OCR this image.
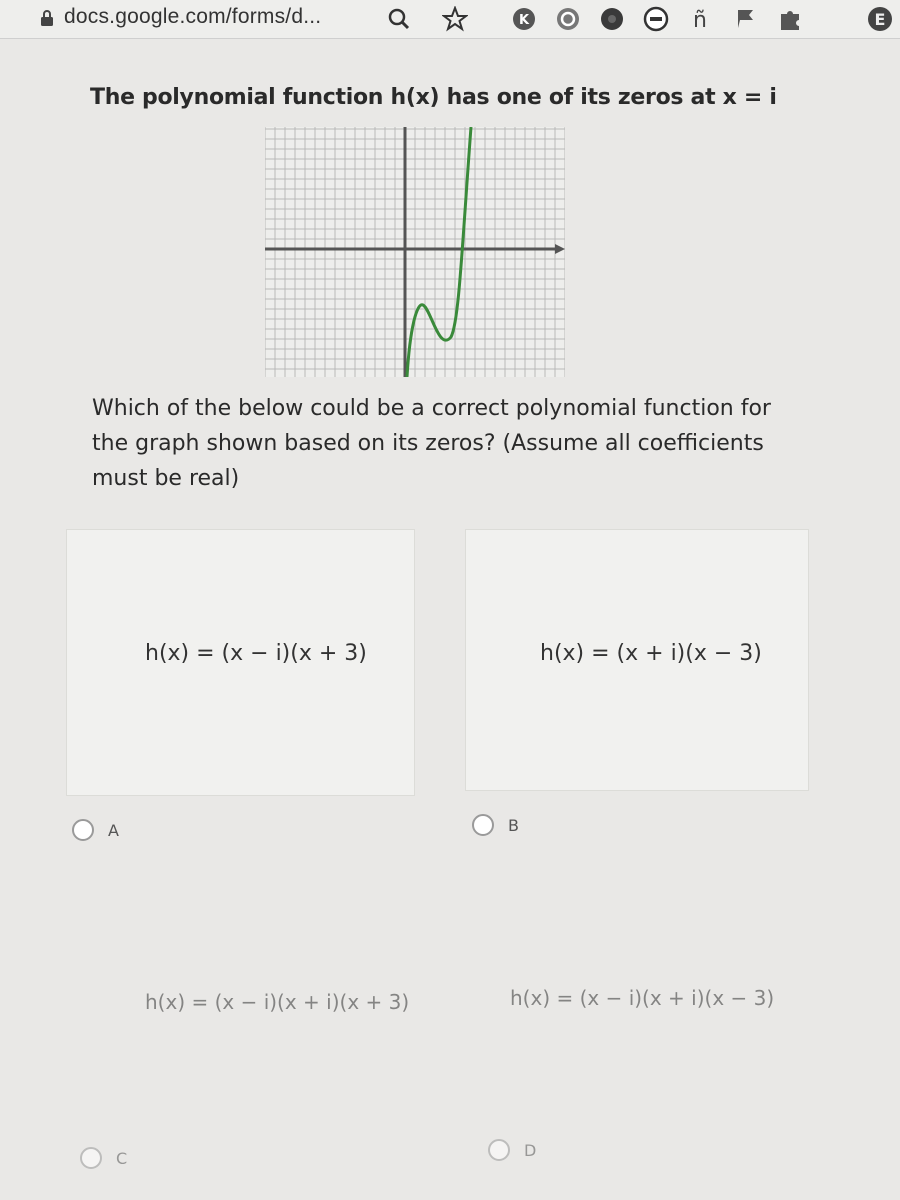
docs.google.com/forms/d...	K	ñ	E
The polynomial function h(x) has one of its zeros at x = i
Which of the below could be a correct polynomial function for the graph shown based on its zeros? (Assume all coefficients must be real)
h(x) = (x − i)(x + 3)
A
h(x) = (x + i)(x − 3)
B
h(x) = (x − i)(x + i)(x + 3)
C
h(x) = (x − i)(x + i)(x − 3)
D
